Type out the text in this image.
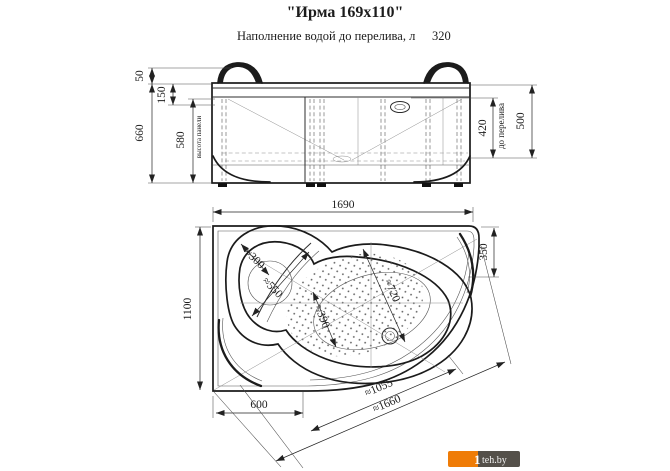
"Ирма 169x110"
Наполнение водой до перелива, л 320
50
660
150
580 высота панели	420 до перелива 500
1690
1100
350
600
≈300
≈550
≈390
≈720
≈1055
≈1660
1 teh.by
